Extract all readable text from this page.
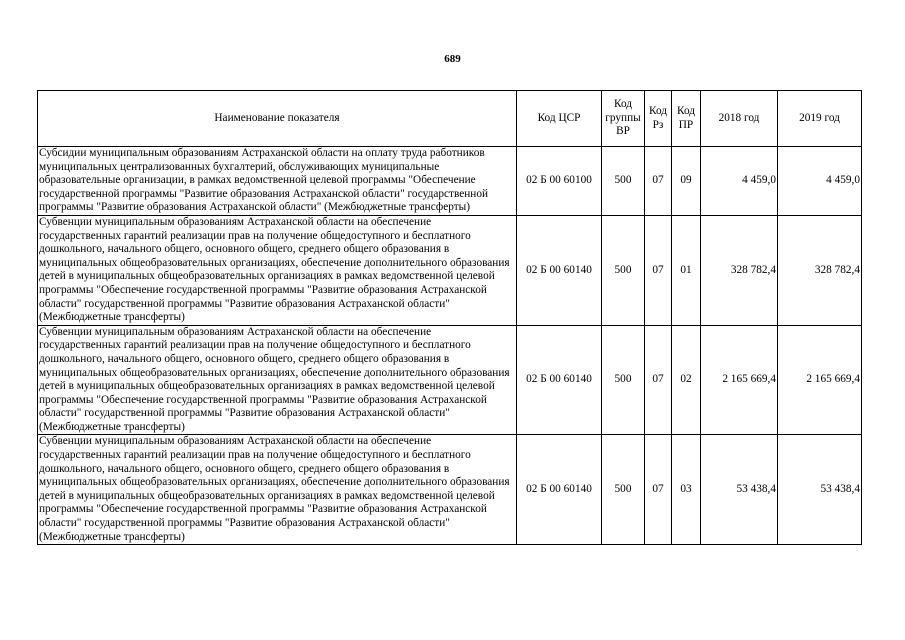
689
Наименование показателя	Код ЦСР	Код группы ВР	Код Рз	Код ПР	2018 год	2019 год
Субсидии муниципальным образованиям Астраханской области на оплату труда работников муниципальных централизованных бухгалтерий, обслуживающих муниципальные образовательные организации, в рамках ведомственной целевой программы "Обеспечение государственной программы "Развитие образования Астраханской области" государственной программы "Развитие образования Астраханской области" (Межбюджетные трансферты)	02 Б 00 60100	500	07	09	4 459,0	4 459,0
Субвенции муниципальным образованиям Астраханской области на обеспечение государственных гарантий реализации прав на получение общедоступного и бесплатного дошкольного, начального общего, основного общего, среднего общего образования в муниципальных общеобразовательных организациях, обеспечение дополнительного образования детей в муниципальных общеобразовательных организациях в рамках ведомственной целевой программы "Обеспечение государственной программы "Развитие образования Астраханской области" государственной программы "Развитие образования Астраханской области" (Межбюджетные трансферты)	02 Б 00 60140	500	07	01	328 782,4	328 782,4
Субвенции муниципальным образованиям Астраханской области на обеспечение государственных гарантий реализации прав на получение общедоступного и бесплатного дошкольного, начального общего, основного общего, среднего общего образования в муниципальных общеобразовательных организациях, обеспечение дополнительного образования детей в муниципальных общеобразовательных организациях в рамках ведомственной целевой программы "Обеспечение государственной программы "Развитие образования Астраханской области" государственной программы "Развитие образования Астраханской области" (Межбюджетные трансферты)	02 Б 00 60140	500	07	02	2 165 669,4	2 165 669,4
Субвенции муниципальным образованиям Астраханской области на обеспечение государственных гарантий реализации прав на получение общедоступного и бесплатного дошкольного, начального общего, основного общего, среднего общего образования в муниципальных общеобразовательных организациях, обеспечение дополнительного образования детей в муниципальных общеобразовательных организациях в рамках ведомственной целевой программы "Обеспечение государственной программы "Развитие образования Астраханской области" государственной программы "Развитие образования Астраханской области" (Межбюджетные трансферты)	02 Б 00 60140	500	07	03	53 438,4	53 438,4
